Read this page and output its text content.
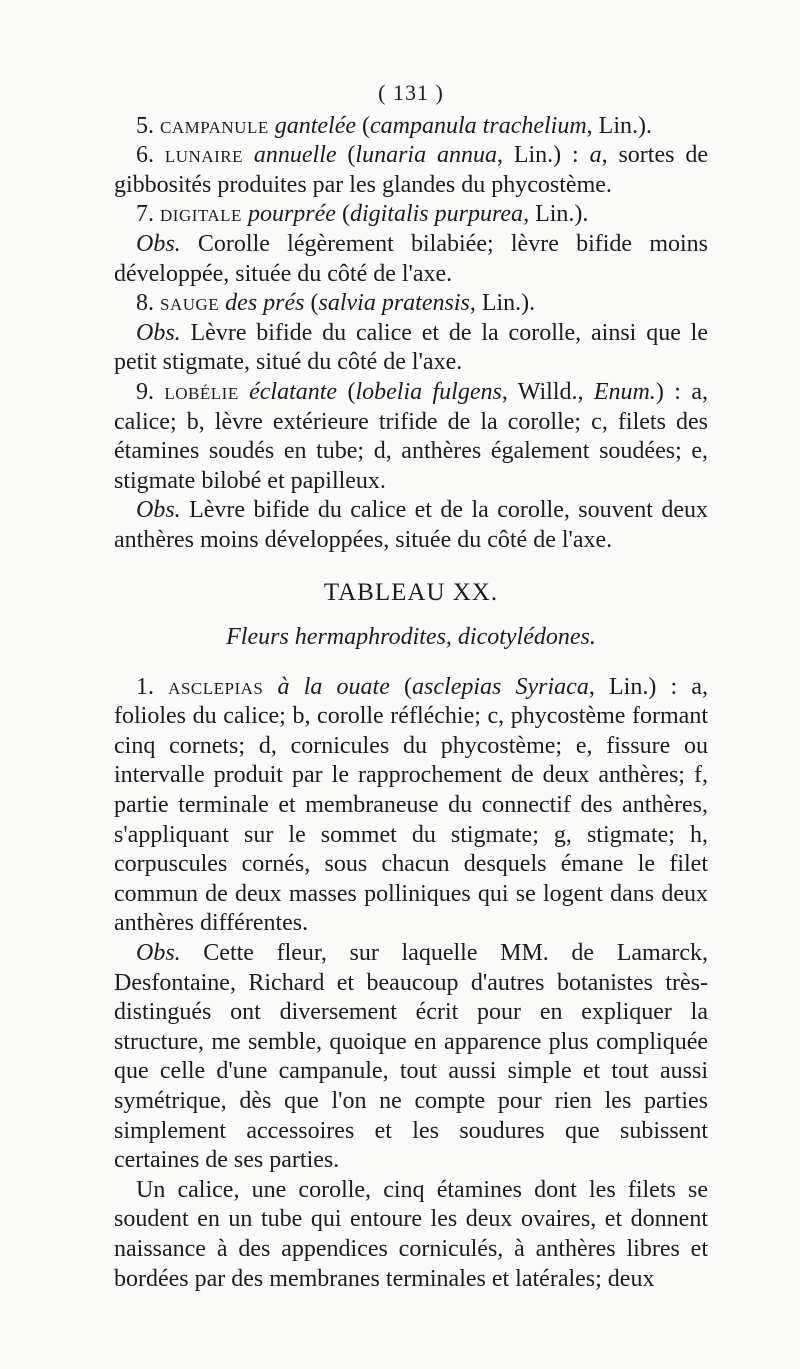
( 131 )

5. campanule gantelée (campanula trachelium, Lin.).

6. lunaire annuelle (lunaria annua, Lin.) : a, sortes de gibbosités produites par les glandes du phycostème.

7. digitale pourprée (digitalis purpurea, Lin.).

Obs. Corolle légèrement bilabiée; lèvre bifide moins développée, située du côté de l'axe.

8. sauge des prés (salvia pratensis, Lin.).

Obs. Lèvre bifide du calice et de la corolle, ainsi que le petit stigmate, situé du côté de l'axe.

9. lobélie éclatante (lobelia fulgens, Willd., Enum.) : a, calice; b, lèvre extérieure trifide de la corolle; c, filets des étamines soudés en tube; d, anthères également soudées; e, stigmate bilobé et papilleux.

Obs. Lèvre bifide du calice et de la corolle, souvent deux anthères moins développées, située du côté de l'axe.

TABLEAU XX.
Fleurs hermaphrodites, dicotylédones.

1. asclepias à la ouate (asclepias Syriaca, Lin.) : a, folioles du calice; b, corolle réfléchie; c, phycostème formant cinq cornets; d, cornicules du phycostème; e, fissure ou intervalle produit par le rapprochement de deux anthères; f, partie terminale et membraneuse du connectif des anthères, s'appliquant sur le sommet du stigmate; g, stigmate; h, corpuscules cornés, sous chacun desquels émane le filet commun de deux masses polliniques qui se logent dans deux anthères différentes.

Obs. Cette fleur, sur laquelle MM. de Lamarck, Desfontaine, Richard et beaucoup d'autres botanistes très-distingués ont diversement écrit pour en expliquer la structure, me semble, quoique en apparence plus compliquée que celle d'une campanule, tout aussi simple et tout aussi symétrique, dès que l'on ne compte pour rien les parties simplement accessoires et les soudures que subissent certaines de ses parties.

Un calice, une corolle, cinq étamines dont les filets se soudent en un tube qui entoure les deux ovaires, et donnent naissance à des appendices corniculés, à anthères libres et bordées par des membranes terminales et latérales; deux
